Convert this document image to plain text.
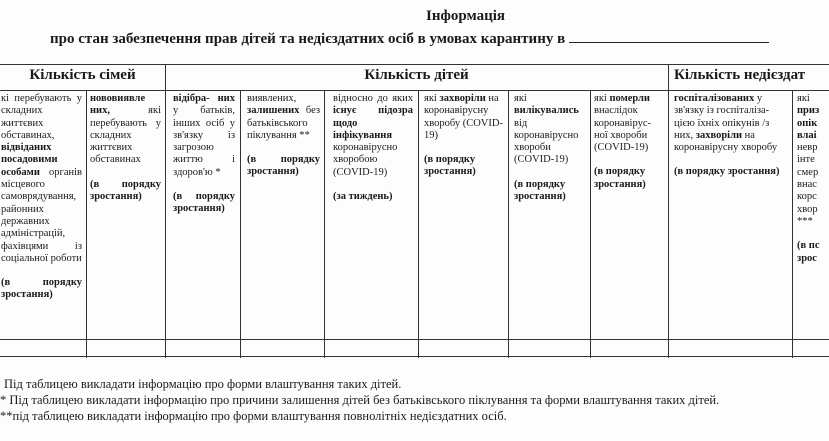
Інформація
про стан забезпечення прав дітей та недієздатних осіб в умовах карантину в
Кількість сімей	Кількість дітей	Кількість недієздат
кі перебувають у складних життєвих обставинах, відвіданих посадовими особами органів місцевого самоврядування, районних державних адміністрацій, фахівцями із соціальної роботи
(в порядку зростання)
нововиявле них, які перебувають у складних життєвих обставинах
(в порядку зростання)
відібра- них у батьків, інших осіб у зв'язку із загрозою життю і здоров'ю *
(в порядку зростання)
виявлених, залишених без батьківського піклування **
(в порядку зростання)
відносно до яких існує підозра щодо інфікування коронавірусно хворобою (COVID-19)
(за тиждень)
які захворіли на коронавірусну хворобу (COVID-19)
(в порядку зростання)
які вилікувались від коронавірусно хвороби (COVID-19)
(в порядку зростання)
які померли внаслідок коронавірус- ної хвороби (COVID-19)
(в порядку зростання)
госпіталізованих у зв'язку із госпіталіза- цією їхніх опікунів /з них, захворіли на коронавірусну хворобу
(в порядку зростання)
які приз опік влаі невр інте смер внас корс хвор ***
(в пс зрос
Під таблицею викладати інформацію про форми влаштування таких дітей.
* Під таблицею викладати інформацію про причини залишення дітей без батьківського піклування та форми влаштування таких дітей.
**під таблицею викладати інформацію про форми влаштування повнолітніх недієздатних осіб.
